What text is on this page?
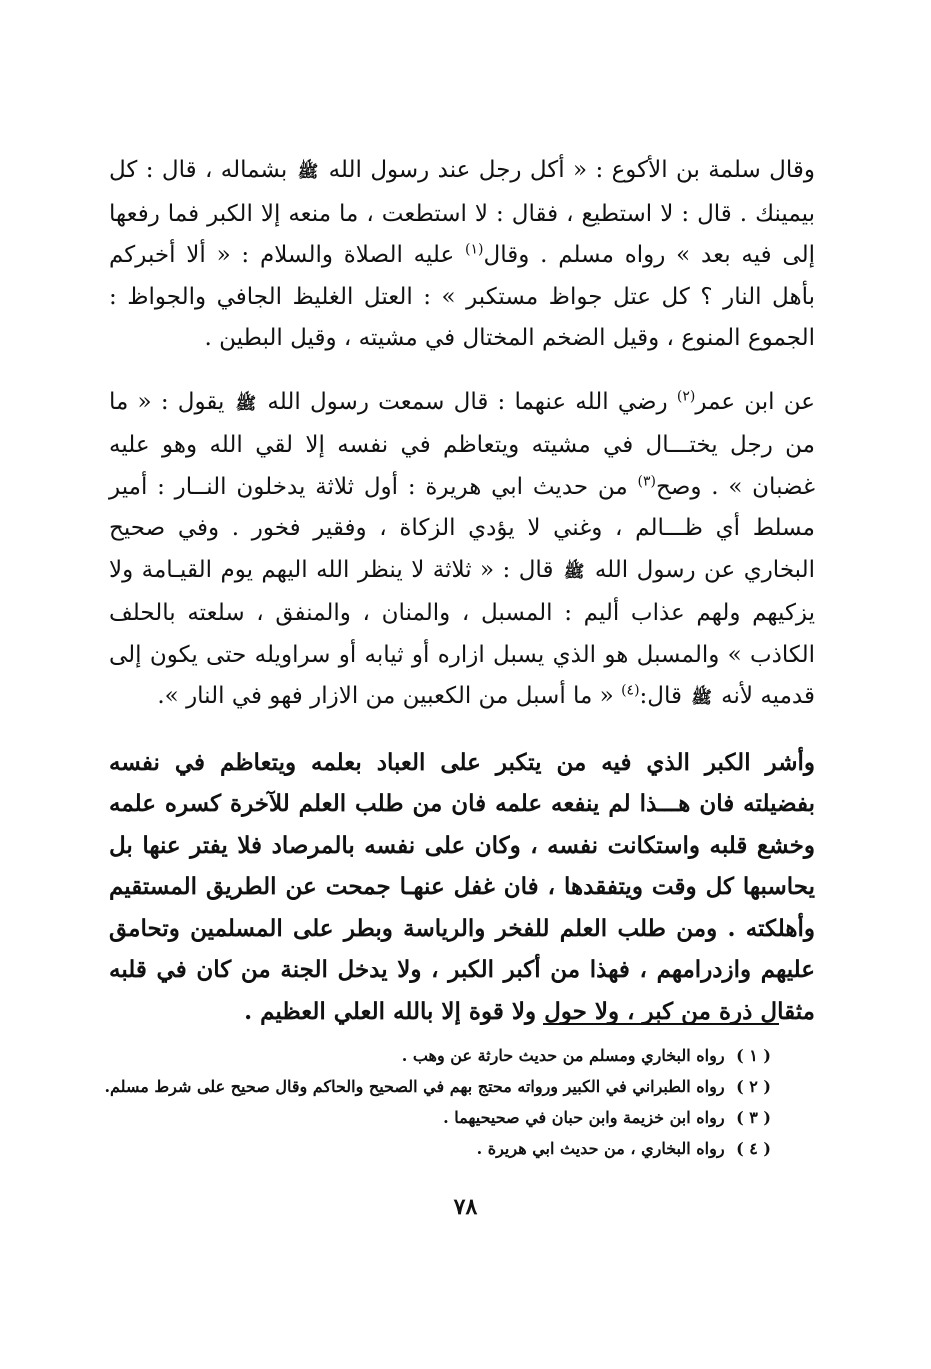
وقال سلمة بن الأكوع : « أكل رجل عند رسول الله ﷺ بشماله ، قال : كل بيمينك . قال : لا استطيع ، فقال : لا استطعت ، ما منعه إلا الكبر فما رفعها إلى فيه بعد » رواه مسلم . وقال$^{(١)}$ عليه الصلاة والسلام : « ألا أخبركم بأهل النار ؟ كل عتل جواظ مستكبر » : العتل الغليظ الجافي والجواظ : الجموع المنوع ، وقيل الضخم المختال في مشيته ، وقيل البطين .

عن ابن عمر$^{(٢)}$ رضي الله عنهما : قال سمعت رسول الله ﷺ يقول : « ما من رجل يختـــال في مشيته ويتعاظم في نفسه إلا لقي الله وهو عليه غضبان » . وصح$^{(٣)}$ من حديث ابي هريرة : أول ثلاثة يدخلون النــار : أمير مسلط أي ظـــالم ، وغني لا يؤدي الزكاة ، وفقير فخور . وفي صحيح البخاري عن رسول الله ﷺ قال : « ثلاثة لا ينظر الله اليهم يوم القيـامة ولا يزكيهم ولهم عذاب أليم : المسبل ، والمنان ، والمنفق ، سلعته بالحلف الكاذب » والمسبل هو الذي يسبل ازاره أو ثيابه أو سراويله حتى يكون إلى قدميه لأنه ﷺ قال:$^{(٤)}$ « ما أسبل من الكعبين من الازار فهو في النار ».

وأشر الكبر الذي فيه من يتكبر على العباد بعلمه ويتعاظم في نفسه بفضيلته فان هـــذا لم ينفعه علمه فان من طلب العلم للآخرة كسره علمه وخشع قلبه واستكانت نفسه ، وكان على نفسه بالمرصاد فلا يفتر عنها بل يحاسبها كل وقت ويتفقدها ، فان غفل عنهـا جمحت عن الطريق المستقيم وأهلكته . ومن طلب العلم للفخر والرياسة وبطر على المسلمين وتحامق عليهم وازدرامهم ، فهذا من أكبر الكبر ، ولا يدخل الجنة من كان في قلبه مثقال ذرة من كبر ، ولا حول ولا قوة إلا بالله العلي العظيم .

( ١ ) رواه البخاري ومسلم من حديث حارثة عن وهب .
( ٢ ) رواه الطبراني في الكبير ورواته محتج بهم في الصحيح والحاكم وقال صحيح على شرط مسلم.
( ٣ ) رواه ابن خزيمة وابن حبان في صحيحيهما .
( ٤ ) رواه البخاري ، من حديث ابي هريرة .
٧٨
